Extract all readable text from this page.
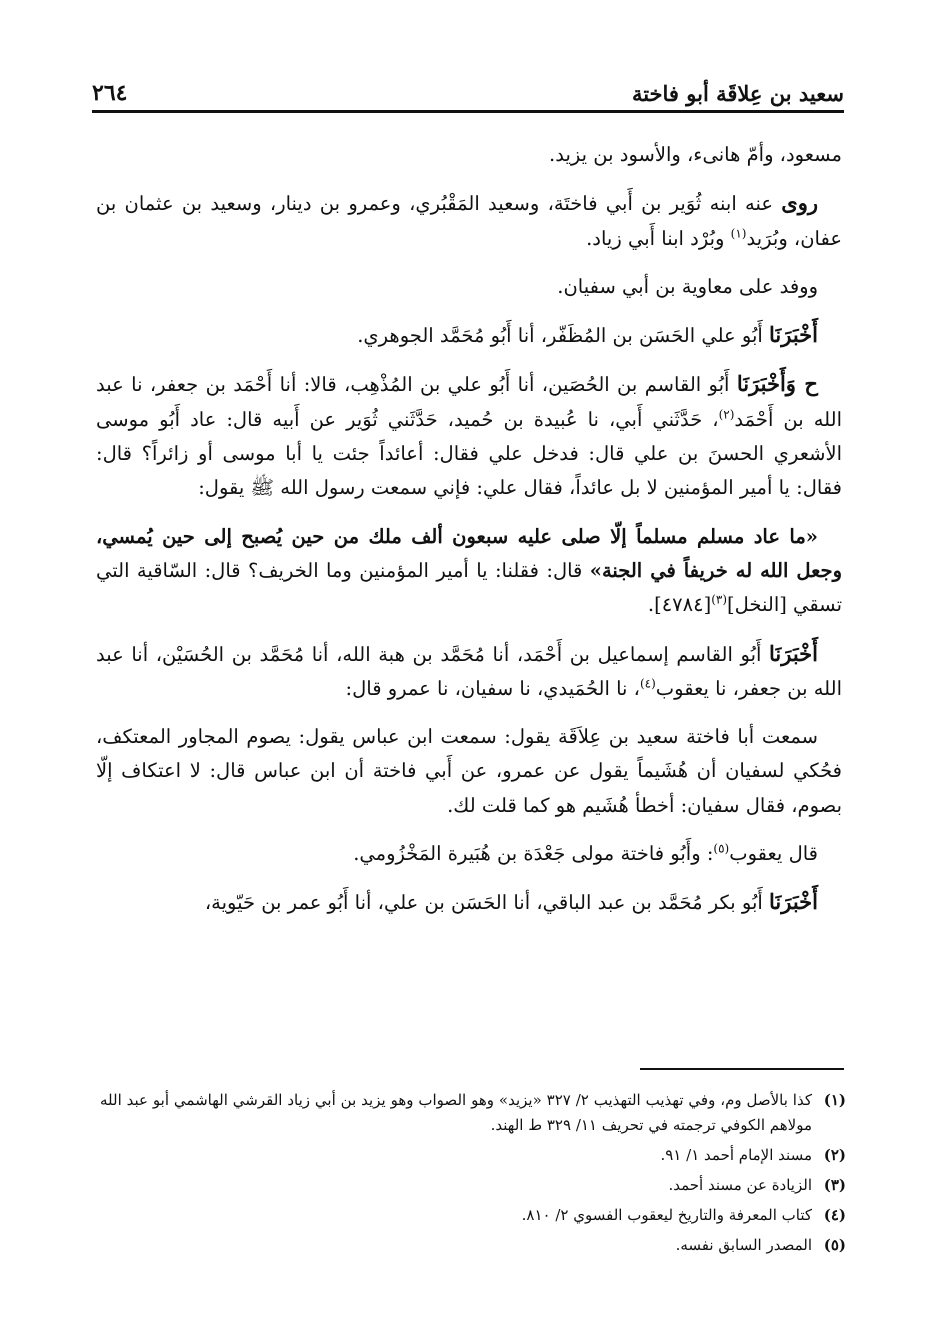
٢٦٤	سعيد بن عِلاقَة أبو فاختة

مسعود، وأمّ هانىء، والأسود بن يزيد.

روى عنه ابنه ثُوَير بن أَبي فاختَة، وسعيد المَقْبُري، وعمرو بن دينار، وسعيد بن عثمان بن عفان، وبُرَيد$^{(١)}$ وبُرْد ابنا أَبي زياد.

ووفد على معاوية بن أبي سفيان.

أَخْبَرَنَا أَبُو علي الحَسَن بن المُظَفّر، أنا أَبُو مُحَمَّد الجوهري.

ح وَأَخْبَرَنَا أَبُو القاسم بن الحُصَين، أنا أَبُو علي بن المُذْهِب، قالا: أنا أَحْمَد بن جعفر، نا عبد الله بن أَحْمَد$^{(٢)}$، حَدَّثَني أَبي، نا عُبيدة بن حُميد، حَدَّثَني ثُوَير عن أَبيه قال: عاد أَبُو موسى الأشعري الحسنَ بن علي قال: فدخل علي فقال: أعائداً جئت يا أبا موسى أو زائراً؟ قال: فقال: يا أمير المؤمنين لا بل عائداً، فقال علي: فإني سمعت رسول الله ﷺ يقول:

«ما عاد مسلم مسلماً إلّا صلى عليه سبعون ألف ملك من حين يُصبح إلى حين يُمسي، وجعل الله له خريفاً في الجنة» قال: فقلنا: يا أمير المؤمنين وما الخريف؟ قال: السّاقية التي تسقي [النخل]$^{(٣)}$[٤٧٨٤].

أَخْبَرَنَا أَبُو القاسم إسماعيل بن أَحْمَد، أنا مُحَمَّد بن هبة الله، أنا مُحَمَّد بن الحُسَيْن، أنا عبد الله بن جعفر، نا يعقوب$^{(٤)}$، نا الحُمَيدي، نا سفيان، نا عمرو قال:

سمعت أبا فاختة سعيد بن عِلاَقَة يقول: سمعت ابن عباس يقول: يصوم المجاور المعتكف، فحُكي لسفيان أن هُشَيماً يقول عن عمرو، عن أَبي فاختة أن ابن عباس قال: لا اعتكاف إلّا بصوم، فقال سفيان: أخطأ هُشَيم هو كما قلت لك.

قال يعقوب$^{(٥)}$: وأَبُو فاختة مولى جَعْدَة بن هُبَيرة المَخْزُومي.

أَخْبَرَنَا أَبُو بكر مُحَمَّد بن عبد الباقي، أنا الحَسَن بن علي، أنا أَبُو عمر بن حَيّوية،

(١)
كذا بالأصل وم، وفي تهذيب التهذيب ٢/ ٣٢٧ «يزيد» وهو الصواب وهو يزيد بن أبي زياد القرشي الهاشمي أبو عبد الله مولاهم الكوفي ترجمته في تحريف ١١/ ٣٢٩ ط الهند.
(٢)
مسند الإمام أحمد ١/ ٩١.
(٣)
الزيادة عن مسند أحمد.
(٤)
كتاب المعرفة والتاريخ ليعقوب الفسوي ٢/ ٨١٠.
(٥)
المصدر السابق نفسه.
